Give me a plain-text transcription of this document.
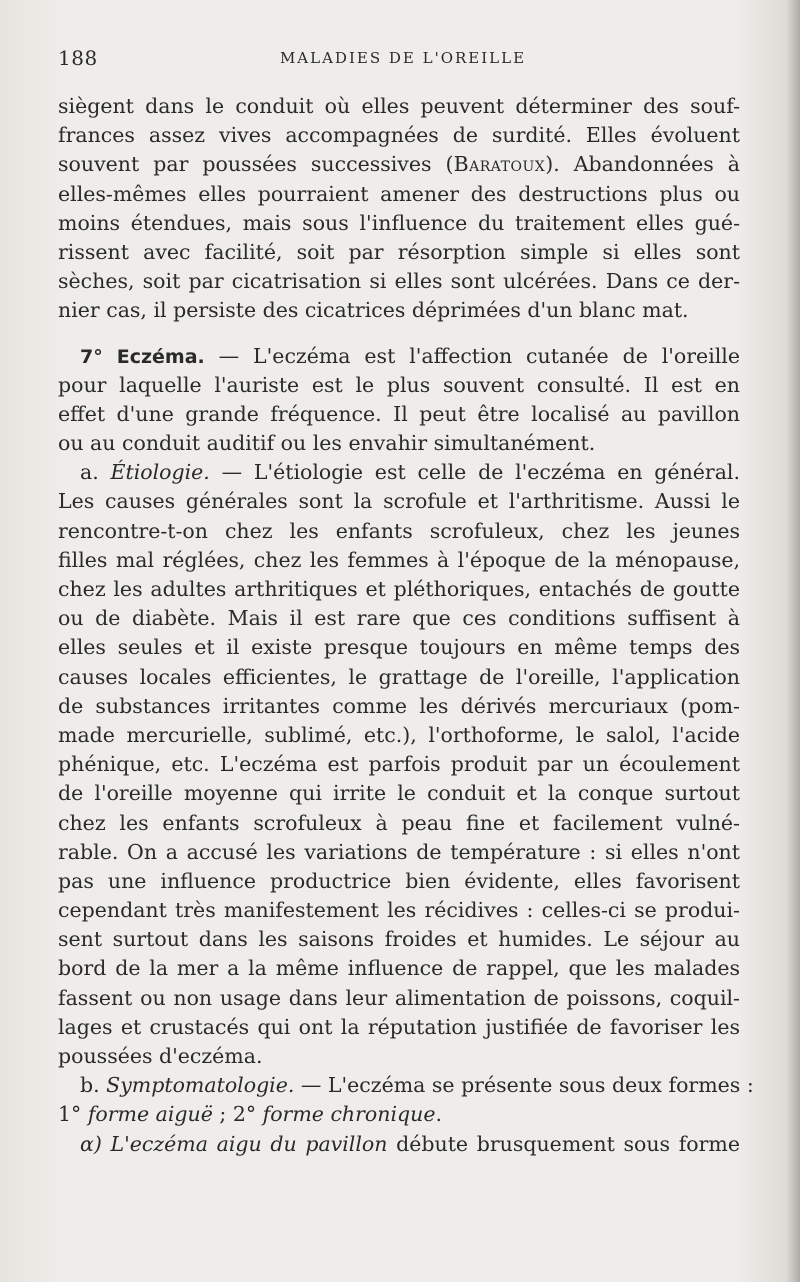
188	MALADIES DE L'OREILLE
siègent dans le conduit où elles peuvent déterminer des souf-
frances assez vives accompagnées de surdité. Elles évoluent
souvent par poussées successives (Baratoux). Abandonnées à
elles-mêmes elles pourraient amener des destructions plus ou
moins étendues, mais sous l'influence du traitement elles gué-
rissent avec facilité, soit par résorption simple si elles sont
sèches, soit par cicatrisation si elles sont ulcérées. Dans ce der-
nier cas, il persiste des cicatrices déprimées d'un blanc mat.
7° Eczéma. — L'eczéma est l'affection cutanée de l'oreille
pour laquelle l'auriste est le plus souvent consulté. Il est en
effet d'une grande fréquence. Il peut être localisé au pavillon
ou au conduit auditif ou les envahir simultanément.
a. Étiologie. — L'étiologie est celle de l'eczéma en général.
Les causes générales sont la scrofule et l'arthritisme. Aussi le
rencontre-t-on chez les enfants scrofuleux, chez les jeunes
filles mal réglées, chez les femmes à l'époque de la ménopause,
chez les adultes arthritiques et pléthoriques, entachés de goutte
ou de diabète. Mais il est rare que ces conditions suffisent à
elles seules et il existe presque toujours en même temps des
causes locales efficientes, le grattage de l'oreille, l'application
de substances irritantes comme les dérivés mercuriaux (pom-
made mercurielle, sublimé, etc.), l'orthoforme, le salol, l'acide
phénique, etc. L'eczéma est parfois produit par un écoulement
de l'oreille moyenne qui irrite le conduit et la conque surtout
chez les enfants scrofuleux à peau fine et facilement vulné-
rable. On a accusé les variations de température : si elles n'ont
pas une influence productrice bien évidente, elles favorisent
cependant très manifestement les récidives : celles-ci se produi-
sent surtout dans les saisons froides et humides. Le séjour au
bord de la mer a la même influence de rappel, que les malades
fassent ou non usage dans leur alimentation de poissons, coquil-
lages et crustacés qui ont la réputation justifiée de favoriser les
poussées d'eczéma.
b. Symptomatologie. — L'eczéma se présente sous deux formes :
1° forme aiguë ; 2° forme chronique.
α) L'eczéma aigu du pavillon débute brusquement sous forme
